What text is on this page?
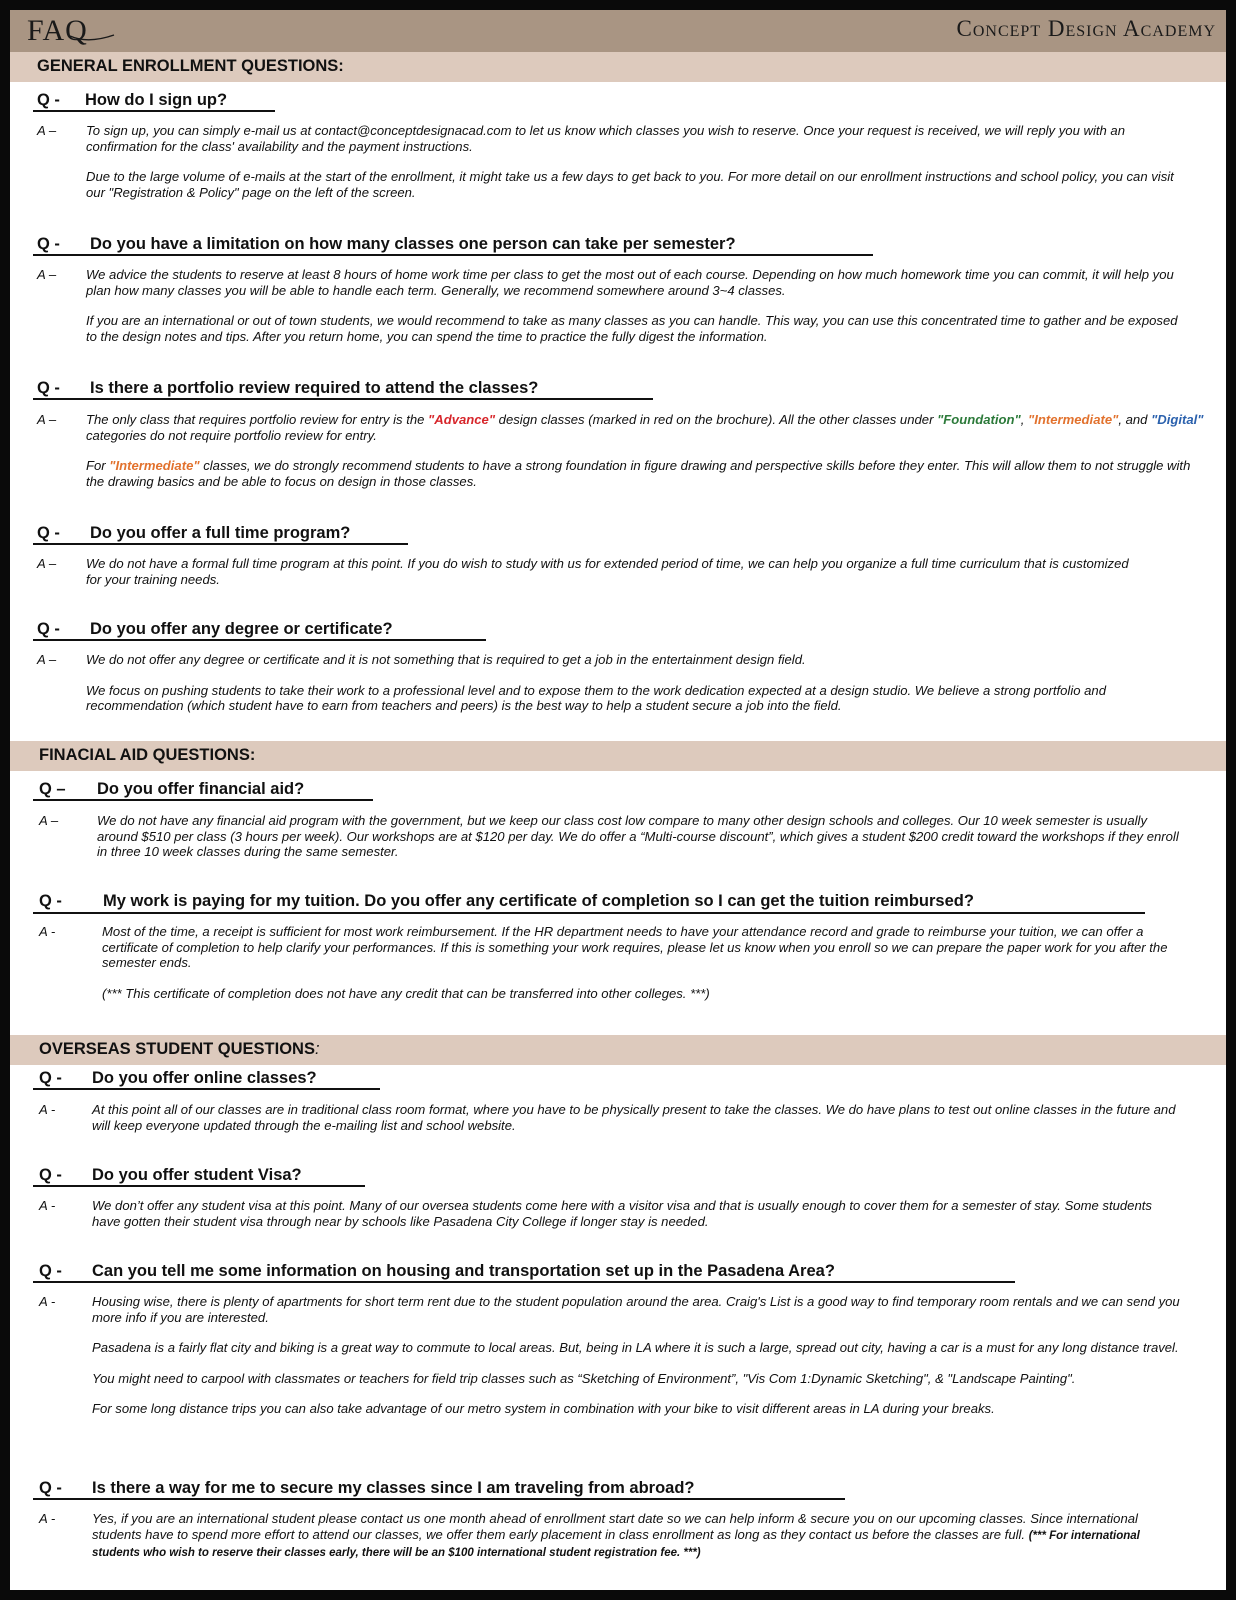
FAQ	Concept Design Academy
GENERAL ENROLLMENT QUESTIONS:
Q - How do I sign up?
A – To sign up, you can simply e-mail us at contact@conceptdesignacad.com to let us know which classes you wish to reserve. Once your request is received, we will reply you with an confirmation for the class' availability and the payment instructions.

Due to the large volume of e-mails at the start of the enrollment, it might take us a few days to get back to you. For more detail on our enrollment instructions and school policy, you can visit our "Registration & Policy" page on the left of the screen.

Q - Do you have a limitation on how many classes one person can take per semester?
A – We advice the students to reserve at least 8 hours of home work time per class to get the most out of each course. Depending on how much homework time you can commit, it will help you plan how many classes you will be able to handle each term. Generally, we recommend somewhere around 3~4 classes.

If you are an international or out of town students, we would recommend to take as many classes as you can handle. This way, you can use this concentrated time to gather and be exposed to the design notes and tips. After you return home, you can spend the time to practice the fully digest the information.

Q - Is there a portfolio review required to attend the classes?
A – The only class that requires portfolio review for entry is the "Advance" design classes (marked in red on the brochure). All the other classes under "Foundation", "Intermediate", and "Digital" categories do not require portfolio review for entry.

For "Intermediate" classes, we do strongly recommend students to have a strong foundation in figure drawing and perspective skills before they enter. This will allow them to not struggle with the drawing basics and be able to focus on design in those classes.

Q - Do you offer a full time program?
A – We do not have a formal full time program at this point. If you do wish to study with us for extended period of time, we can help you organize a full time curriculum that is customized for your training needs.

Q - Do you offer any degree or certificate?
A – We do not offer any degree or certificate and it is not something that is required to get a job in the entertainment design field.

We focus on pushing students to take their work to a professional level and to expose them to the work dedication expected at a design studio. We believe a strong portfolio and recommendation (which student have to earn from teachers and peers) is the best way to help a student secure a job into the field.

FINACIAL AID QUESTIONS:
Q – Do you offer financial aid?
A –	We do not have any financial aid program with the government, but we keep our class cost low compare to many other design schools and colleges. Our 10 week semester is usually around $510 per class (3 hours per week). Our workshops are at $120 per day. We do offer a “Multi-course discount”, which gives a student $200 credit toward the workshops if they enroll in three 10 week classes during the same semester.

Q - My work is paying for my tuition. Do you offer any certificate of completion so I can get the tuition reimbursed?
A -	Most of the time, a receipt is sufficient for most work reimbursement. If the HR department needs to have your attendance record and grade to reimburse your tuition, we can offer a certificate of completion to help clarify your performances. If this is something your work requires, please let us know when you enroll so we can prepare the paper work for you after the semester ends.

(*** This certificate of completion does not have any credit that can be transferred into other colleges. ***)

OVERSEAS STUDENT QUESTIONS:
Q - Do you offer online classes?
A -	At this point all of our classes are in traditional class room format, where you have to be physically present to take the classes. We do have plans to test out online classes in the future and will keep everyone updated through the e-mailing list and school website.

Q - Do you offer student Visa?
A -	We don’t offer any student visa at this point. Many of our oversea students come here with a visitor visa and that is usually enough to cover them for a semester of stay. Some students have gotten their student visa through near by schools like Pasadena City College if longer stay is needed.

Q - Can you tell me some information on housing and transportation set up in the Pasadena Area?
A -	Housing wise, there is plenty of apartments for short term rent due to the student population around the area. Craig's List is a good way to find temporary room rentals and we can send you more info if you are interested.

Pasadena is a fairly flat city and biking is a great way to commute to local areas. But, being in LA where it is such a large, spread out city, having a car is a must for any long distance travel.

You might need to carpool with classmates or teachers for field trip classes such as “Sketching of Environment”, "Vis Com 1:Dynamic Sketching", & "Landscape Painting".

For some long distance trips you can also take advantage of our metro system in combination with your bike to visit different areas in LA during your breaks.

Q - Is there a way for me to secure my classes since I am traveling from abroad?
A -	Yes, if you are an international student please contact us one month ahead of enrollment start date so we can help inform & secure you on our upcoming classes. Since international students have to spend more effort to attend our classes, we offer them early placement in class enrollment as long as they contact us before the classes are full. (*** For international students who wish to reserve their classes early, there will be an $100 international student registration fee. ***)
